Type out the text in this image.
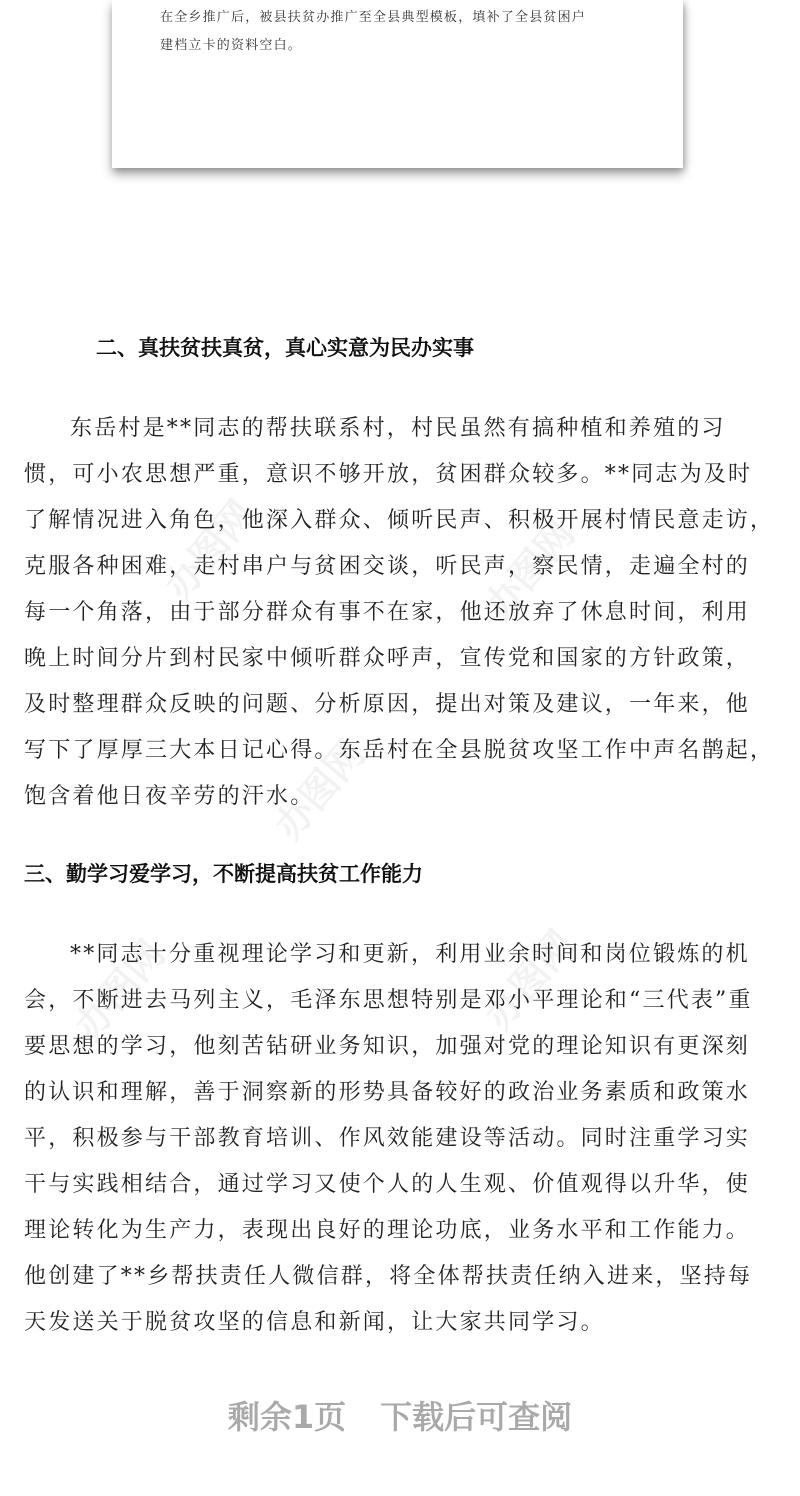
办图网	办图网
办图网
办图网	办图网
在全乡推广后，被县扶贫办推广至全县典型模板，填补了全县贫困户
建档立卡的资料空白。
二、真扶贫扶真贫，真心实意为民办实事
东岳村是**同志的帮扶联系村，村民虽然有搞种植和养殖的习
惯，可小农思想严重，意识不够开放，贫困群众较多。**同志为及时
了解情况进入角色，他深入群众、倾听民声、积极开展村情民意走访，
克服各种困难，走村串户与贫困交谈，听民声，察民情，走遍全村的
每一个角落，由于部分群众有事不在家，他还放弃了休息时间，利用
晚上时间分片到村民家中倾听群众呼声，宣传党和国家的方针政策，
及时整理群众反映的问题、分析原因，提出对策及建议，一年来，他
写下了厚厚三大本日记心得。东岳村在全县脱贫攻坚工作中声名鹊起，
饱含着他日夜辛劳的汗水。
三、勤学习爱学习，不断提高扶贫工作能力
**同志十分重视理论学习和更新，利用业余时间和岗位锻炼的机
会，不断进去马列主义，毛泽东思想特别是邓小平理论和“三代表”重
要思想的学习，他刻苦钻研业务知识，加强对党的理论知识有更深刻
的认识和理解，善于洞察新的形势具备较好的政治业务素质和政策水
平，积极参与干部教育培训、作风效能建设等活动。同时注重学习实
干与实践相结合，通过学习又使个人的人生观、价值观得以升华，使
理论转化为生产力，表现出良好的理论功底，业务水平和工作能力。
他创建了**乡帮扶责任人微信群，将全体帮扶责任纳入进来，坚持每
天发送关于脱贫攻坚的信息和新闻，让大家共同学习。

剩余1页 下载后可查阅
